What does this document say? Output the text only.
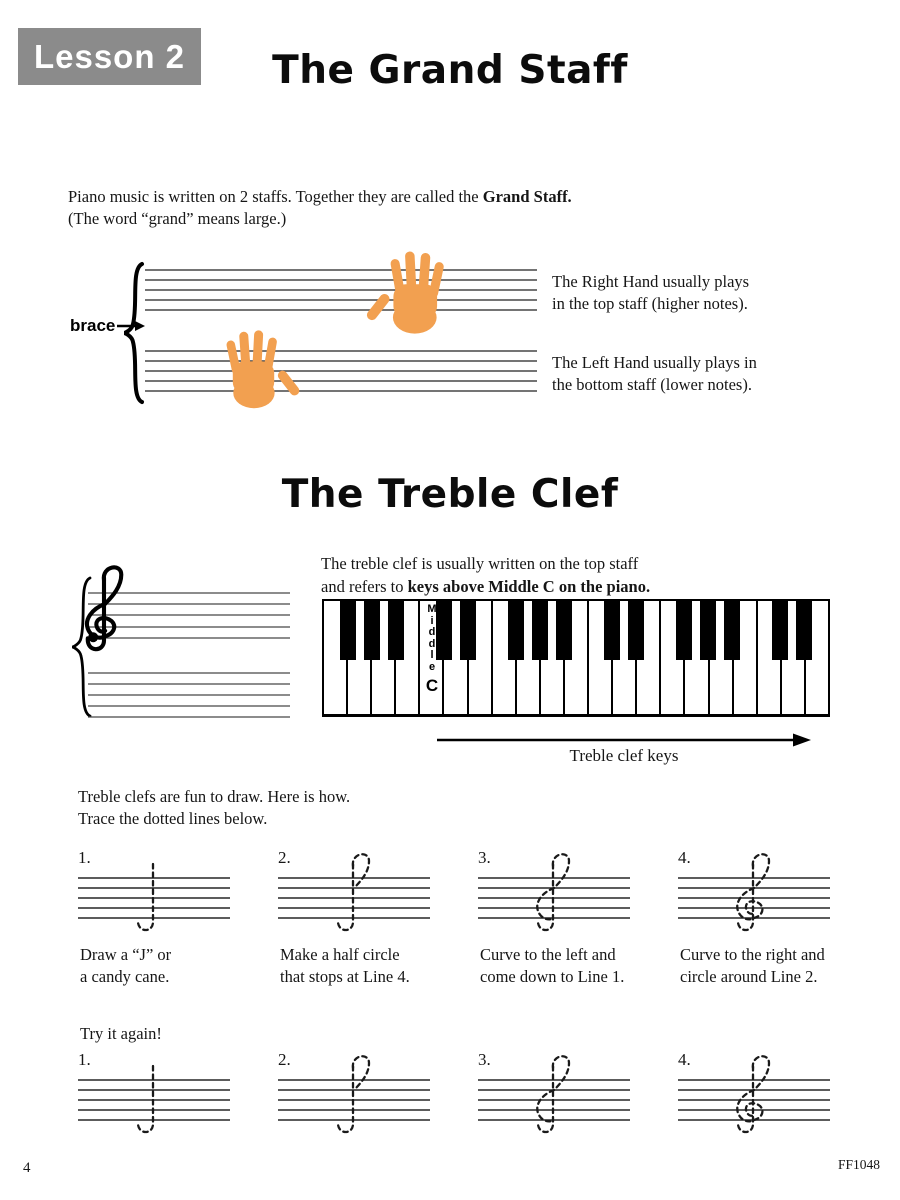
Lesson 2	The Grand Staff
Piano music is written on 2 staffs. Together they are called the Grand Staff.
(The word “grand” means large.)
brace
The Right Hand usually plays
in the top staff (higher notes).
The Left Hand usually plays in
the bottom staff (lower notes).
The Treble Clef
The treble clef is usually written on the top staff
and refers to keys above Middle C on the piano.
M
i
d
d
l
e
C
Treble clef keys
Treble clefs are fun to draw. Here is how.
Trace the dotted lines below.
Try it again!
1.
Draw a “J” or
a candy cane.
2.
Make a half circle
that stops at Line 4.
3.
Curve to the left and
come down to Line 1.
4.
Curve to the right and
circle around Line 2.
1.	2.	3.	4.
4	FF1048
